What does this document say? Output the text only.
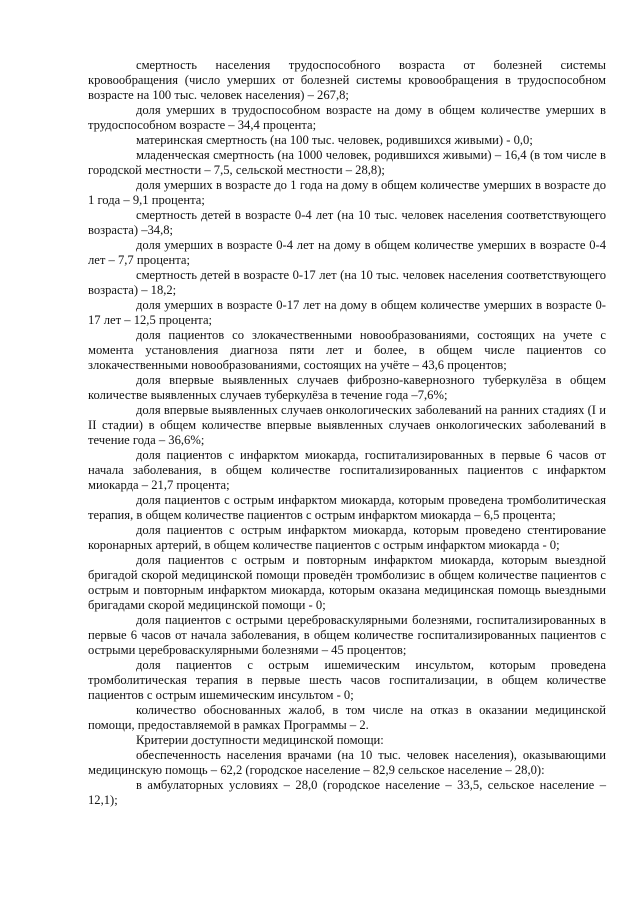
смертность населения трудоспособного возраста от болезней системы кровообращения (число умерших от болезней системы кровообращения в трудоспособном возрасте на 100 тыс. человек населения) – 267,8;

доля умерших в трудоспособном возрасте на дому в общем количестве умерших в трудоспособном возрасте – 34,4 процента;

материнская смертность (на 100 тыс. человек, родившихся живыми) - 0,0;

младенческая смертность (на 1000 человек, родившихся живыми) – 16,4 (в том числе в городской местности – 7,5, сельской местности – 28,8);

доля умерших в возрасте до 1 года на дому в общем количестве умерших в возрасте до 1 года – 9,1 процента;

смертность детей в возрасте 0-4 лет (на 10 тыс. человек населения соответствующего возраста) –34,8;

доля умерших в возрасте 0-4 лет на дому в общем количестве умерших в возрасте 0-4 лет – 7,7 процента;

смертность детей в возрасте 0-17 лет (на 10 тыс. человек населения соответствующего возраста) – 18,2;

доля умерших в возрасте 0-17 лет на дому в общем количестве умерших в возрасте 0-17 лет – 12,5 процента;

доля пациентов со злокачественными новообразованиями, состоящих на учете с момента установления диагноза пяти лет и более, в общем числе пациентов со злокачественными новообразованиями, состоящих на учёте – 43,6 процентов;

доля впервые выявленных случаев фиброзно-кавернозного туберкулёза в общем количестве выявленных случаев туберкулёза в течение года –7,6%;

доля впервые выявленных случаев онкологических заболеваний на ранних стадиях (I и II стадии) в общем количестве впервые выявленных случаев онкологических заболеваний в течение года – 36,6%;

доля пациентов с инфарктом миокарда, госпитализированных в первые 6 часов от начала заболевания, в общем количестве госпитализированных пациентов с инфарктом миокарда – 21,7 процента;

доля пациентов с острым инфарктом миокарда, которым проведена тромболитическая терапия, в общем количестве пациентов с острым инфарктом миокарда – 6,5 процента;

доля пациентов с острым инфарктом миокарда, которым проведено стентирование коронарных артерий, в общем количестве пациентов с острым инфарктом миокарда - 0;

доля пациентов с острым и повторным инфарктом миокарда, которым выездной бригадой скорой медицинской помощи проведён тромболизис в общем количестве пациентов с острым и повторным инфарктом миокарда, которым оказана медицинская помощь выездными бригадами скорой медицинской помощи - 0;

доля пациентов с острыми цереброваскулярными болезнями, госпитализированных в первые 6 часов от начала заболевания, в общем количестве госпитализированных пациентов с острыми цереброваскулярными болезнями – 45 процентов;

доля пациентов с острым ишемическим инсультом, которым проведена тромболитическая терапия в первые шесть часов госпитализации, в общем количестве пациентов с острым ишемическим инсультом - 0;

количество обоснованных жалоб, в том числе на отказ в оказании медицинской помощи, предоставляемой в рамках Программы – 2.

Критерии доступности медицинской помощи:

обеспеченность населения врачами (на 10 тыс. человек населения), оказывающими медицинскую помощь – 62,2 (городское население – 82,9 сельское население – 28,0):

в амбулаторных условиях – 28,0 (городское население – 33,5, сельское население – 12,1);
